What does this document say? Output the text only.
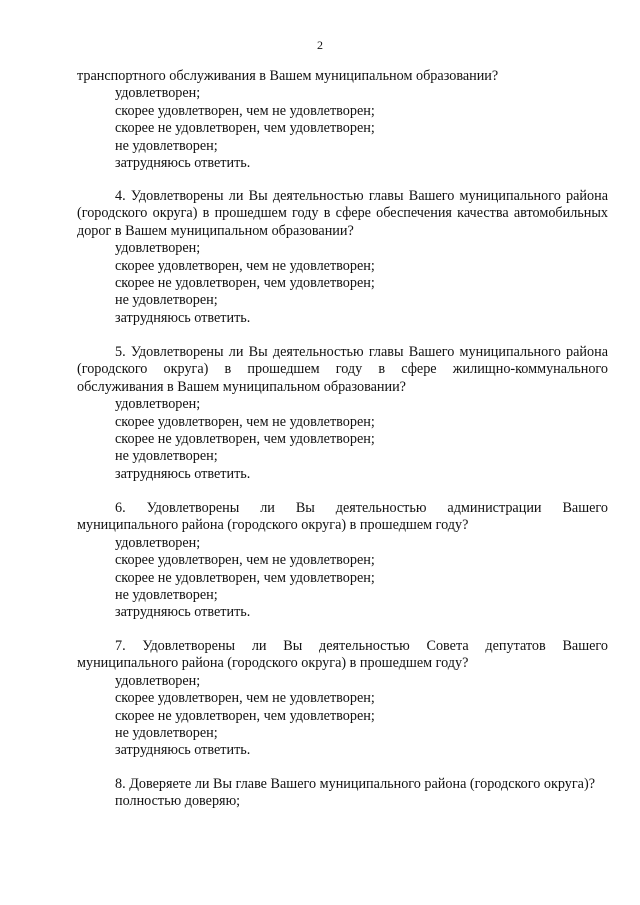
2
транспортного обслуживания в Вашем муниципальном образовании?
удовлетворен;
скорее удовлетворен, чем не удовлетворен;
скорее не удовлетворен, чем удовлетворен;
не удовлетворен;
затрудняюсь ответить.
4. Удовлетворены ли Вы деятельностью главы Вашего муниципального района (городского округа) в прошедшем году в сфере обеспечения качества автомобильных дорог в Вашем муниципальном образовании?
удовлетворен;
скорее удовлетворен, чем не удовлетворен;
скорее не удовлетворен, чем удовлетворен;
не удовлетворен;
затрудняюсь ответить.
5. Удовлетворены ли Вы деятельностью главы Вашего муниципального района (городского округа) в прошедшем году в сфере жилищно-коммунального обслуживания в Вашем муниципальном образовании?
удовлетворен;
скорее удовлетворен, чем не удовлетворен;
скорее не удовлетворен, чем удовлетворен;
не удовлетворен;
затрудняюсь ответить.
6. Удовлетворены ли Вы деятельностью администрации Вашего муниципального района (городского округа) в прошедшем году?
удовлетворен;
скорее удовлетворен, чем не удовлетворен;
скорее не удовлетворен, чем удовлетворен;
не удовлетворен;
затрудняюсь ответить.
7. Удовлетворены ли Вы деятельностью Совета депутатов Вашего муниципального района (городского округа) в прошедшем году?
удовлетворен;
скорее удовлетворен, чем не удовлетворен;
скорее не удовлетворен, чем удовлетворен;
не удовлетворен;
затрудняюсь ответить.
8. Доверяете ли Вы главе Вашего муниципального района (городского округа)?
полностью доверяю;
